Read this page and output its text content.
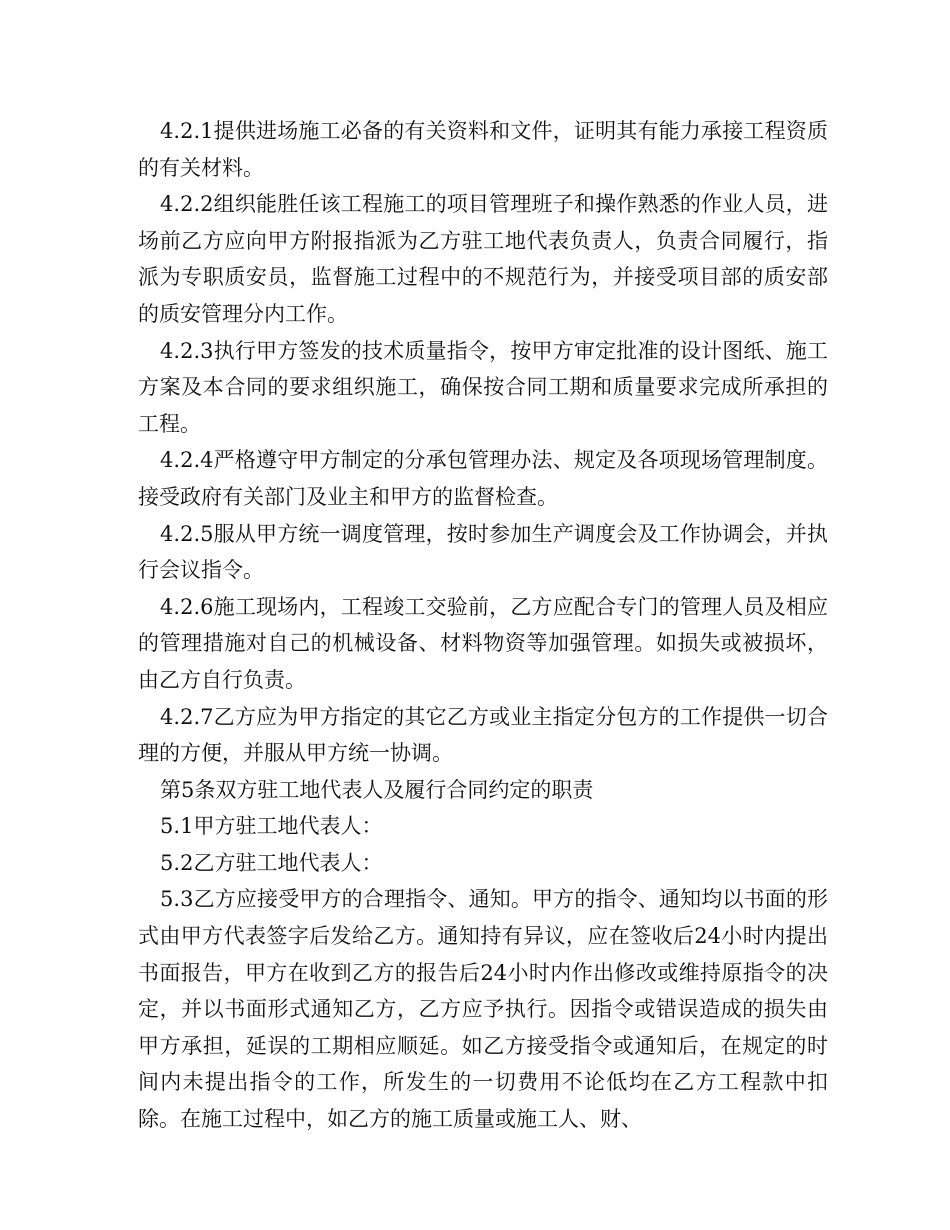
4.2.1提供进场施工必备的有关资料和文件，证明其有能力承接工程资质的有关材料。

4.2.2组织能胜任该工程施工的项目管理班子和操作熟悉的作业人员，进场前乙方应向甲方附报指派为乙方驻工地代表负责人，负责合同履行，指派为专职质安员，监督施工过程中的不规范行为，并接受项目部的质安部的质安管理分内工作。

4.2.3执行甲方签发的技术质量指令，按甲方审定批准的设计图纸、施工方案及本合同的要求组织施工，确保按合同工期和质量要求完成所承担的工程。

4.2.4严格遵守甲方制定的分承包管理办法、规定及各项现场管理制度。接受政府有关部门及业主和甲方的监督检查。

4.2.5服从甲方统一调度管理，按时参加生产调度会及工作协调会，并执行会议指令。

4.2.6施工现场内，工程竣工交验前，乙方应配合专门的管理人员及相应的管理措施对自己的机械设备、材料物资等加强管理。如损失或被损坏，由乙方自行负责。

4.2.7乙方应为甲方指定的其它乙方或业主指定分包方的工作提供一切合理的方便，并服从甲方统一协调。

第5条双方驻工地代表人及履行合同约定的职责

5.1甲方驻工地代表人：

5.2乙方驻工地代表人：

5.3乙方应接受甲方的合理指令、通知。甲方的指令、通知均以书面的形式由甲方代表签字后发给乙方。通知持有异议，应在签收后24小时内提出书面报告，甲方在收到乙方的报告后24小时内作出修改或维持原指令的决定，并以书面形式通知乙方，乙方应予执行。因指令或错误造成的损失由甲方承担，延误的工期相应顺延。如乙方接受指令或通知后，在规定的时间内未提出指令的工作，所发生的一切费用不论低均在乙方工程款中扣除。在施工过程中，如乙方的施工质量或施工人、财、
